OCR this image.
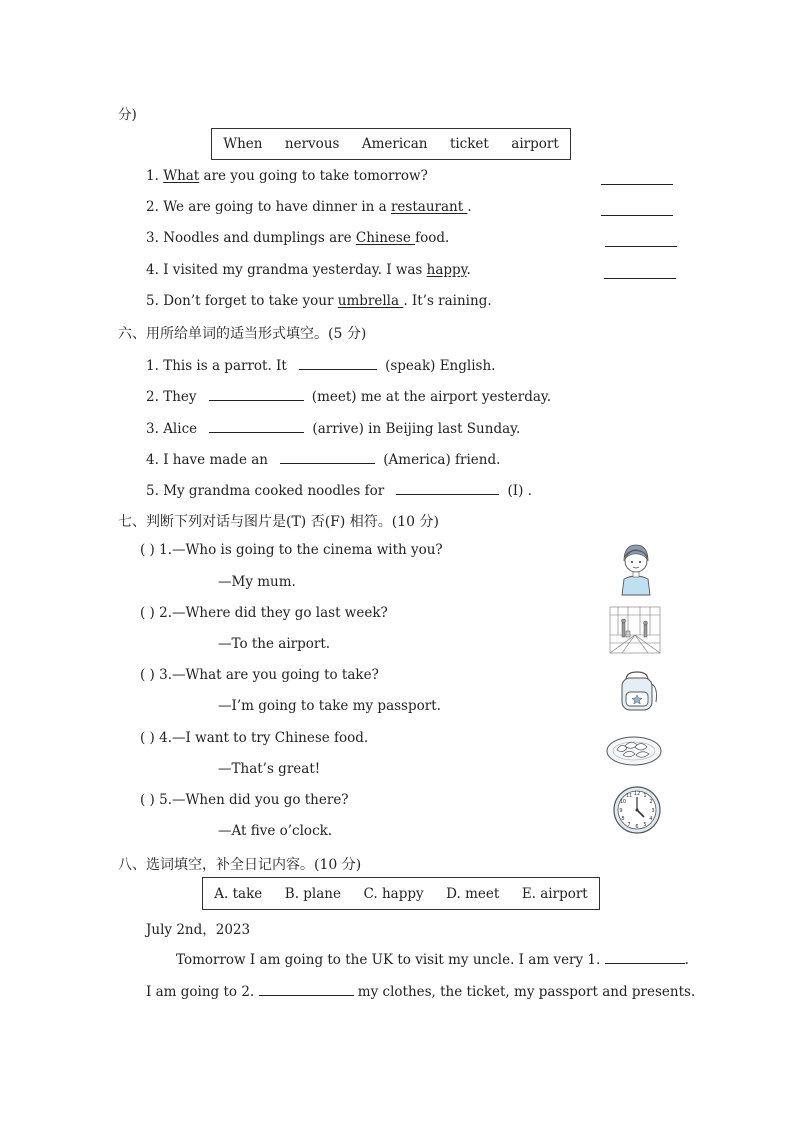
分)
When nervous American ticket airport
1. What are you going to take tomorrow?
2. We are going to have dinner in a restaurant .
3. Noodles and dumplings are Chinese food.
4. I visited my grandma yesterday. I was happy.
5. Don’t forget to take your umbrella . It’s raining.
六、用所给单词的适当形式填空。(5 分)
1. This is a parrot. It	(speak) English.
2. They	(meet) me at the airport yesterday.
3. Alice	(arrive) in Beijing last Sunday.
4. I have made an	(America) friend.
5. My grandma cooked noodles for	(I) .
七、判断下列对话与图片是(T) 否(F) 相符。(10 分)
( ) 1.—Who is going to the cinema with you?
—My mum.
( ) 2.—Where did they go last week?
—To the airport.
( ) 3.—What are you going to take?
—I’m going to take my passport.
( ) 4.—I want to try Chinese food.
—That’s great!
( ) 5.—When did you go there?
—At five o’clock.
12 1
2
3
4
5
6
7
8
9
10
11
八、选词填空，补全日记内容。(10 分)
A. take B. plane C. happy D. meet E. airport
July 2nd，2023
Tomorrow I am going to the UK to visit my uncle. I am very 1.	.
I am going to 2.	my clothes, the ticket, my passport and presents.
